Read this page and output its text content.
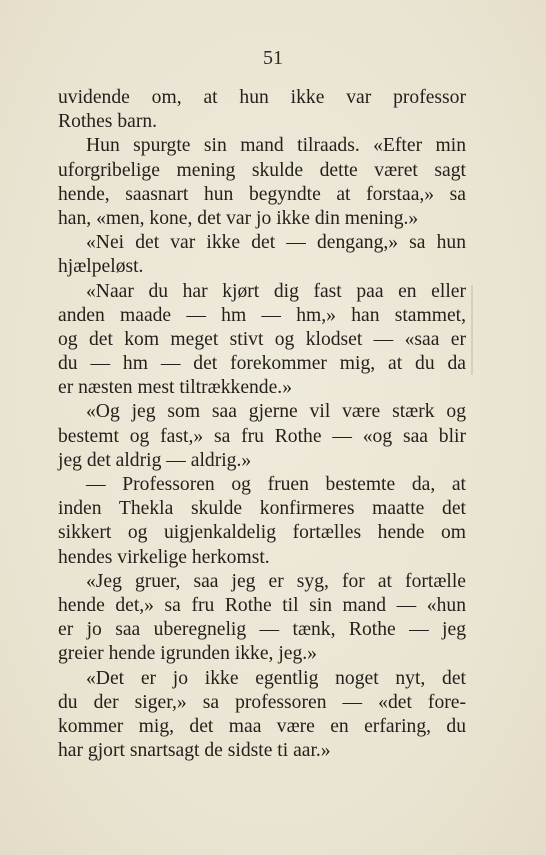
51
uvidende om, at hun ikke var professor
Rothes barn.
Hun spurgte sin mand tilraads. «Efter min
uforgribelige mening skulde dette været sagt
hende, saasnart hun begyndte at forstaa,» sa
han, «men, kone, det var jo ikke din mening.»
«Nei det var ikke det — dengang,» sa hun
hjælpeløst.
«Naar du har kjørt dig fast paa en eller
anden maade — hm — hm,» han stammet,
og det kom meget stivt og klodset — «saa er
du — hm — det forekommer mig, at du da
er næsten mest tiltrækkende.»
«Og jeg som saa gjerne vil være stærk og
bestemt og fast,» sa fru Rothe — «og saa blir
jeg det aldrig — aldrig.»
— Professoren og fruen bestemte da, at
inden Thekla skulde konfirmeres maatte det
sikkert og uigjenkaldelig fortælles hende om
hendes virkelige herkomst.
«Jeg gruer, saa jeg er syg, for at fortælle
hende det,» sa fru Rothe til sin mand — «hun
er jo saa uberegnelig — tænk, Rothe — jeg
greier hende igrunden ikke, jeg.»
«Det er jo ikke egentlig noget nyt, det
du der siger,» sa professoren — «det fore-
kommer mig, det maa være en erfaring, du
har gjort snartsagt de sidste ti aar.»
